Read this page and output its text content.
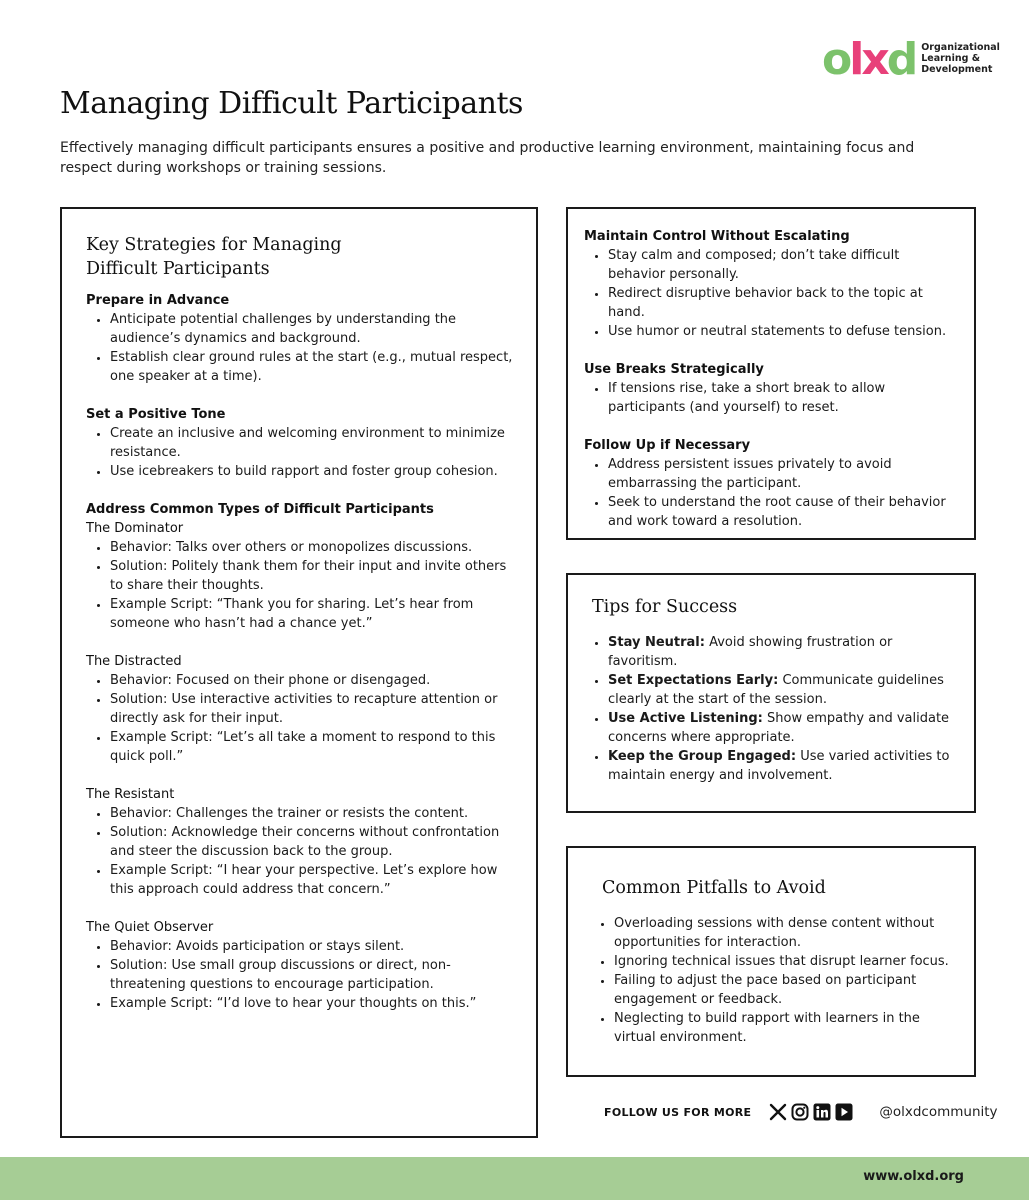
o l x d Organizational
Learning &
Development
Managing Difficult Participants

Effectively managing difficult participants ensures a positive and productive learning environment, maintaining focus and respect during workshops or training sessions.

Key Strategies for Managing Difficult Participants

Prepare in Advance

• Anticipate potential challenges by understanding the audience’s dynamics and background.
• Establish clear ground rules at the start (e.g., mutual respect, one speaker at a time).

Set a Positive Tone

• Create an inclusive and welcoming environment to minimize resistance.
• Use icebreakers to build rapport and foster group cohesion.

Address Common Types of Difficult Participants

The Dominator

• Behavior: Talks over others or monopolizes discussions.
• Solution: Politely thank them for their input and invite others to share their thoughts.
• Example Script: “Thank you for sharing. Let’s hear from someone who hasn’t had a chance yet.”

The Distracted

• Behavior: Focused on their phone or disengaged.
• Solution: Use interactive activities to recapture attention or directly ask for their input.
• Example Script: “Let’s all take a moment to respond to this quick poll.”

The Resistant

• Behavior: Challenges the trainer or resists the content.
• Solution: Acknowledge their concerns without confrontation and steer the discussion back to the group.
• Example Script: “I hear your perspective. Let’s explore how this approach could address that concern.”

The Quiet Observer

• Behavior: Avoids participation or stays silent.
• Solution: Use small group discussions or direct, non-threatening questions to encourage participation.
• Example Script: “I’d love to hear your thoughts on this.”

Maintain Control Without Escalating

• Stay calm and composed; don’t take difficult behavior personally.
• Redirect disruptive behavior back to the topic at hand.
• Use humor or neutral statements to defuse tension.

Use Breaks Strategically

• If tensions rise, take a short break to allow participants (and yourself) to reset.

Follow Up if Necessary

• Address persistent issues privately to avoid embarrassing the participant.
• Seek to understand the root cause of their behavior and work toward a resolution.
Tips for Success
• Stay Neutral: Avoid showing frustration or favoritism.
• Set Expectations Early: Communicate guidelines clearly at the start of the session.
• Use Active Listening: Show empathy and validate concerns where appropriate.
• Keep the Group Engaged: Use varied activities to maintain energy and involvement.
Common Pitfalls to Avoid
• Overloading sessions with dense content without opportunities for interaction.
• Ignoring technical issues that disrupt learner focus.
• Failing to adjust the pace based on participant engagement or feedback.
• Neglecting to build rapport with learners in the virtual environment.
FOLLOW US FOR MORE	@olxdcommunity
www.olxd.org
